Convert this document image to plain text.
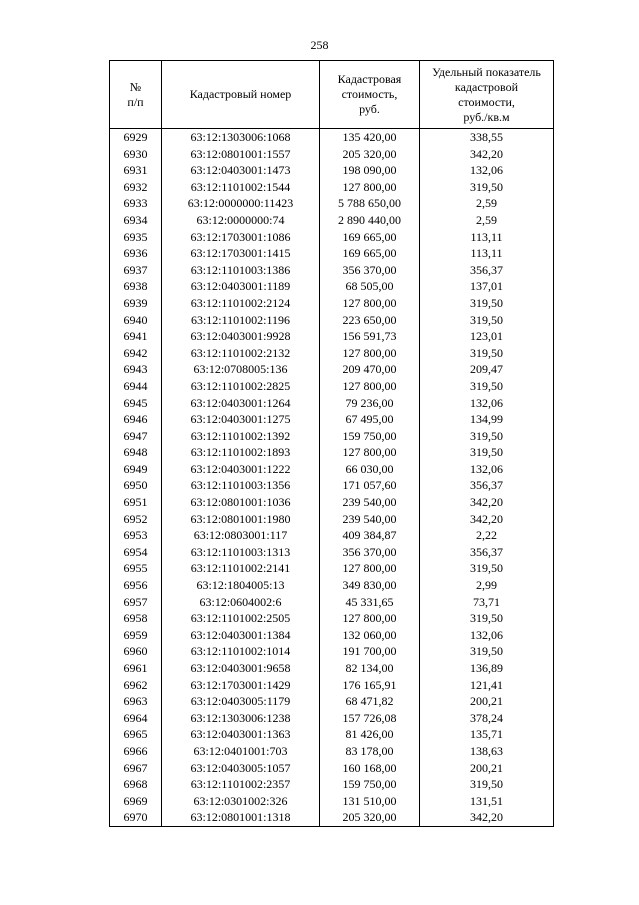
258
№
п/п	Кадастровый номер	Кадастровая
стоимость,
руб.	Удельный показатель
кадастровой
стоимости,
руб./кв.м
6929	63:12:1303006:1068	135 420,00	338,55
6930	63:12:0801001:1557	205 320,00	342,20
6931	63:12:0403001:1473	198 090,00	132,06
6932	63:12:1101002:1544	127 800,00	319,50
6933	63:12:0000000:11423	5 788 650,00	2,59
6934	63:12:0000000:74	2 890 440,00	2,59
6935	63:12:1703001:1086	169 665,00	113,11
6936	63:12:1703001:1415	169 665,00	113,11
6937	63:12:1101003:1386	356 370,00	356,37
6938	63:12:0403001:1189	68 505,00	137,01
6939	63:12:1101002:2124	127 800,00	319,50
6940	63:12:1101002:1196	223 650,00	319,50
6941	63:12:0403001:9928	156 591,73	123,01
6942	63:12:1101002:2132	127 800,00	319,50
6943	63:12:0708005:136	209 470,00	209,47
6944	63:12:1101002:2825	127 800,00	319,50
6945	63:12:0403001:1264	79 236,00	132,06
6946	63:12:0403001:1275	67 495,00	134,99
6947	63:12:1101002:1392	159 750,00	319,50
6948	63:12:1101002:1893	127 800,00	319,50
6949	63:12:0403001:1222	66 030,00	132,06
6950	63:12:1101003:1356	171 057,60	356,37
6951	63:12:0801001:1036	239 540,00	342,20
6952	63:12:0801001:1980	239 540,00	342,20
6953	63:12:0803001:117	409 384,87	2,22
6954	63:12:1101003:1313	356 370,00	356,37
6955	63:12:1101002:2141	127 800,00	319,50
6956	63:12:1804005:13	349 830,00	2,99
6957	63:12:0604002:6	45 331,65	73,71
6958	63:12:1101002:2505	127 800,00	319,50
6959	63:12:0403001:1384	132 060,00	132,06
6960	63:12:1101002:1014	191 700,00	319,50
6961	63:12:0403001:9658	82 134,00	136,89
6962	63:12:1703001:1429	176 165,91	121,41
6963	63:12:0403005:1179	68 471,82	200,21
6964	63:12:1303006:1238	157 726,08	378,24
6965	63:12:0403001:1363	81 426,00	135,71
6966	63:12:0401001:703	83 178,00	138,63
6967	63:12:0403005:1057	160 168,00	200,21
6968	63:12:1101002:2357	159 750,00	319,50
6969	63:12:0301002:326	131 510,00	131,51
6970	63:12:0801001:1318	205 320,00	342,20
